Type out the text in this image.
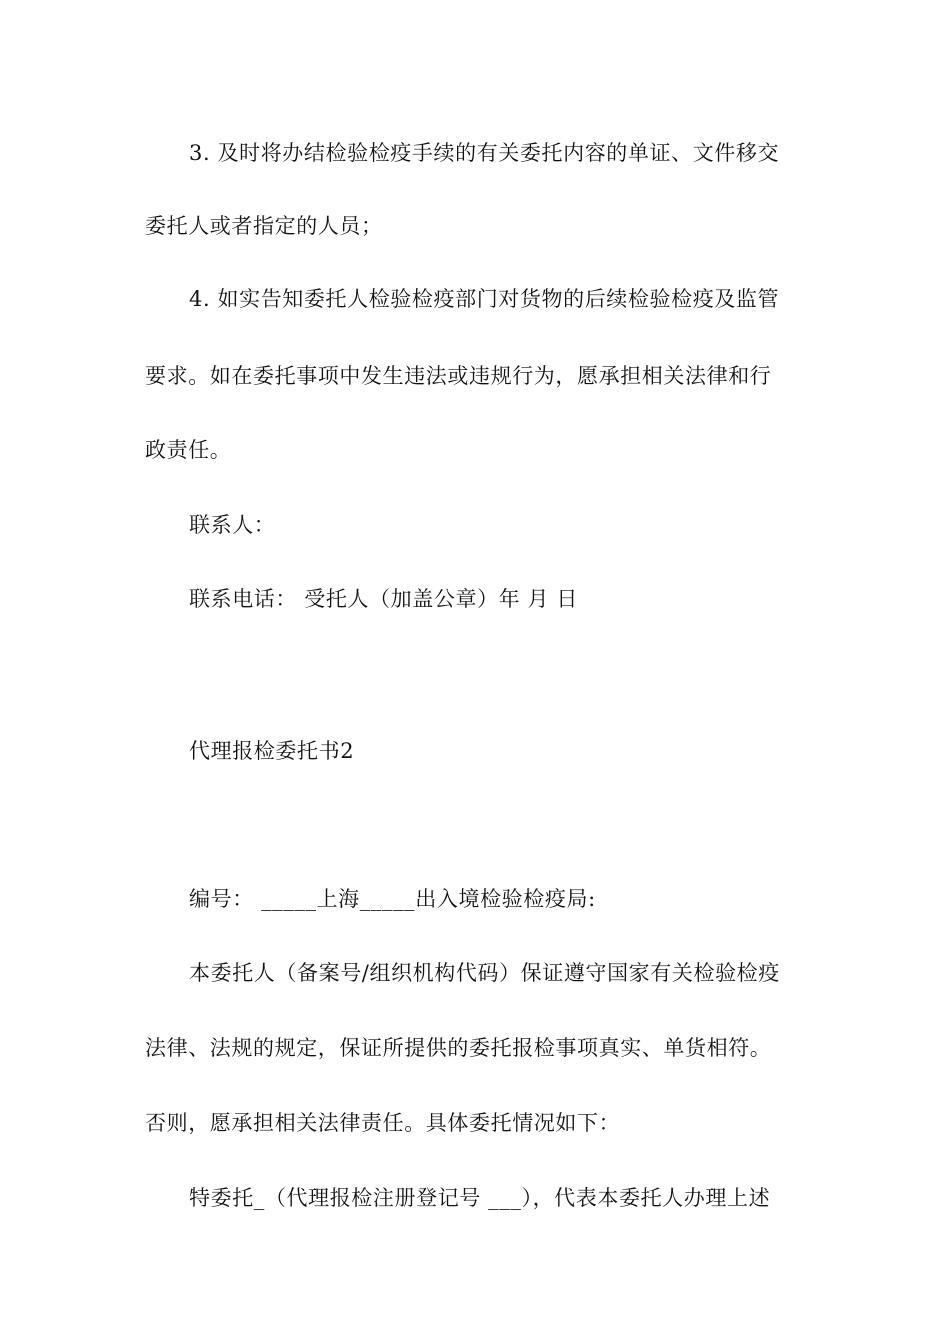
3. 及时将办结检验检疫手续的有关委托内容的单证、文件移交
委托人或者指定的人员；
4. 如实告知委托人检验检疫部门对货物的后续检验检疫及监管
要求。如在委托事项中发生违法或违规行为，愿承担相关法律和行
政责任。
联系人：
联系电话： 受托人（加盖公章）年 月 日
代理报检委托书2
编号： _____上海_____出入境检验检疫局:
本委托人（备案号/组织机构代码）保证遵守国家有关检验检疫
法律、法规的规定，保证所提供的委托报检事项真实、单货相符。
否则，愿承担相关法律责任。具体委托情况如下：
特委托_（代理报检注册登记号 ___），代表本委托人办理上述
